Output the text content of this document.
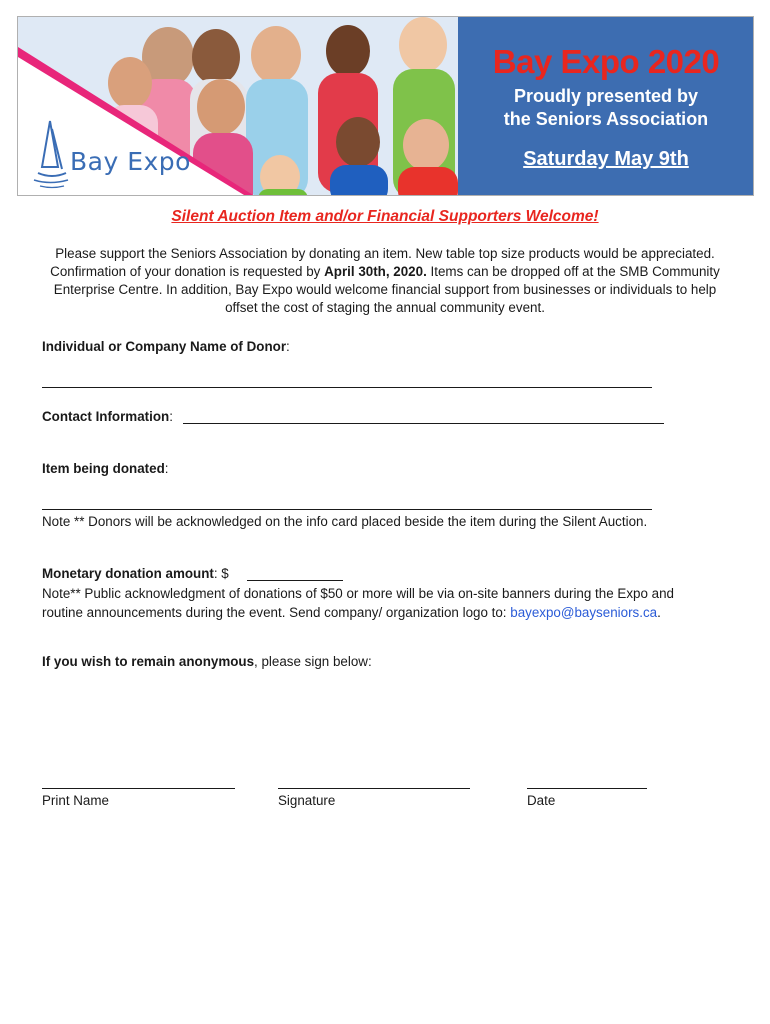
Bay Expo
Bay Expo 2020
Proudly presented by
the Seniors Association
Saturday May 9th
Silent Auction Item and/or Financial Supporters Welcome!
Please support the Seniors Association by donating an item. New table top size products would be appreciated. Confirmation of your donation is requested by April 30th, 2020. Items can be dropped off at the SMB Community Enterprise Centre. In addition, Bay Expo would welcome financial support from businesses or individuals to help offset the cost of staging the annual community event.
Individual or Company Name of Donor:
Contact Information:
Item being donated:
Note ** Donors will be acknowledged on the info card placed beside the item during the Silent Auction.
Monetary donation amount: $
Note** Public acknowledgment of donations of $50 or more will be via on-site banners during the Expo and
routine announcements during the event. Send company/ organization logo to: bayexpo@bayseniors.ca.
If you wish to remain anonymous, please sign below:
Print Name	Signature	Date
